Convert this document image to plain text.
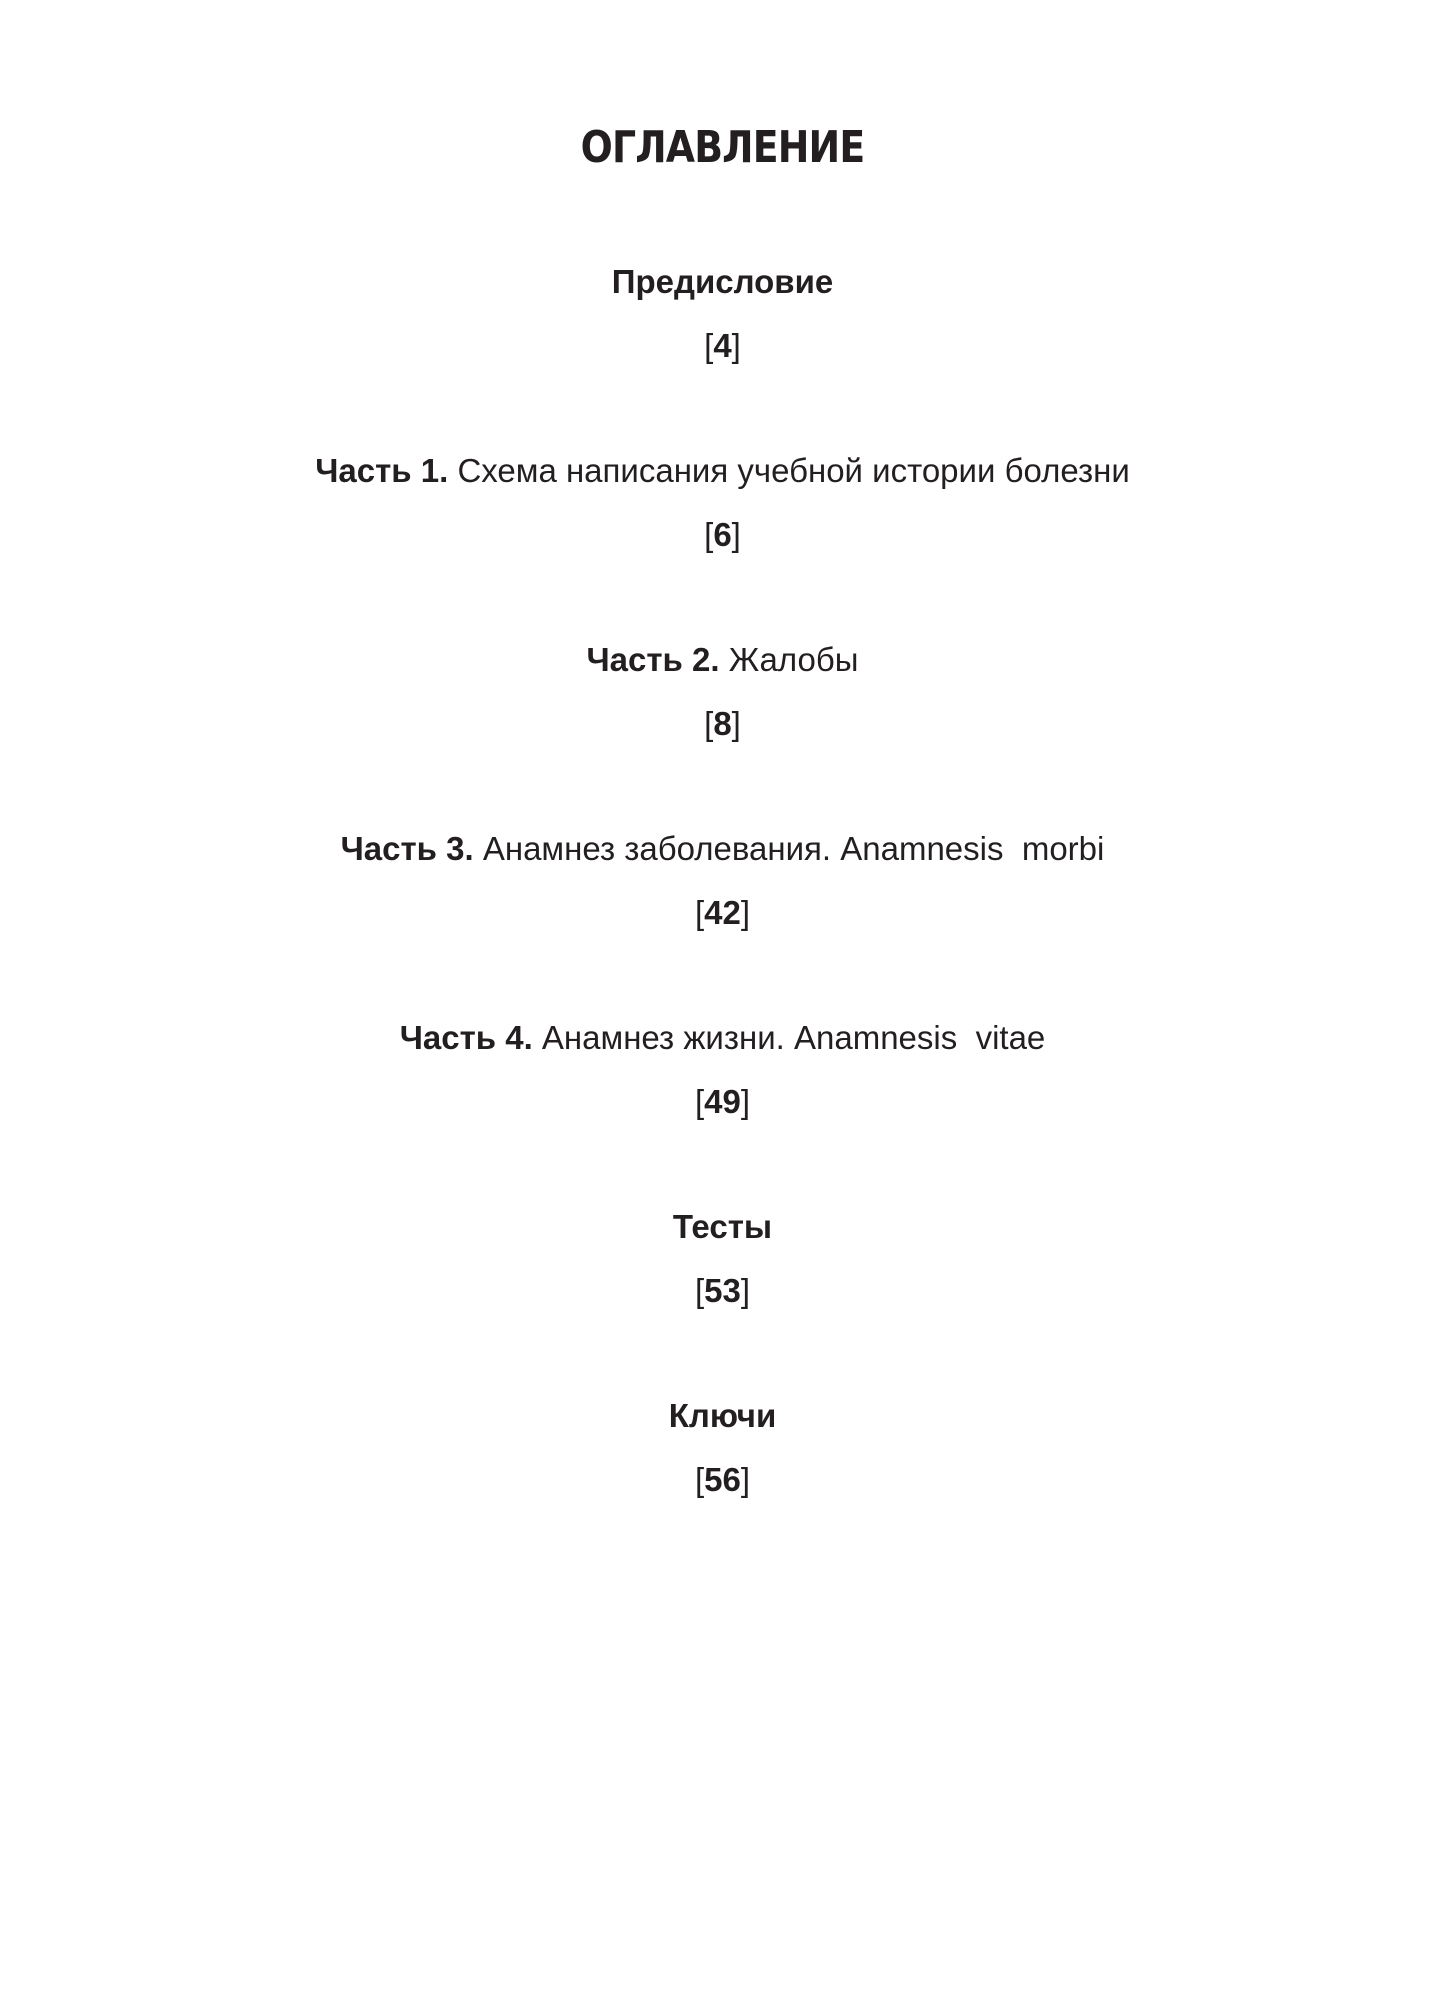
ОГЛАВЛЕНИЕ
Предисловие
[4]
Часть 1. Схема написания учебной истории болезни
[6]
Часть 2. Жалобы
[8]
Часть 3. Анамнез заболевания. Anamnesis  morbi
[42]
Часть 4. Анамнез жизни. Anamnesis  vitae
[49]
Тесты
[53]
Ключи
[56]
